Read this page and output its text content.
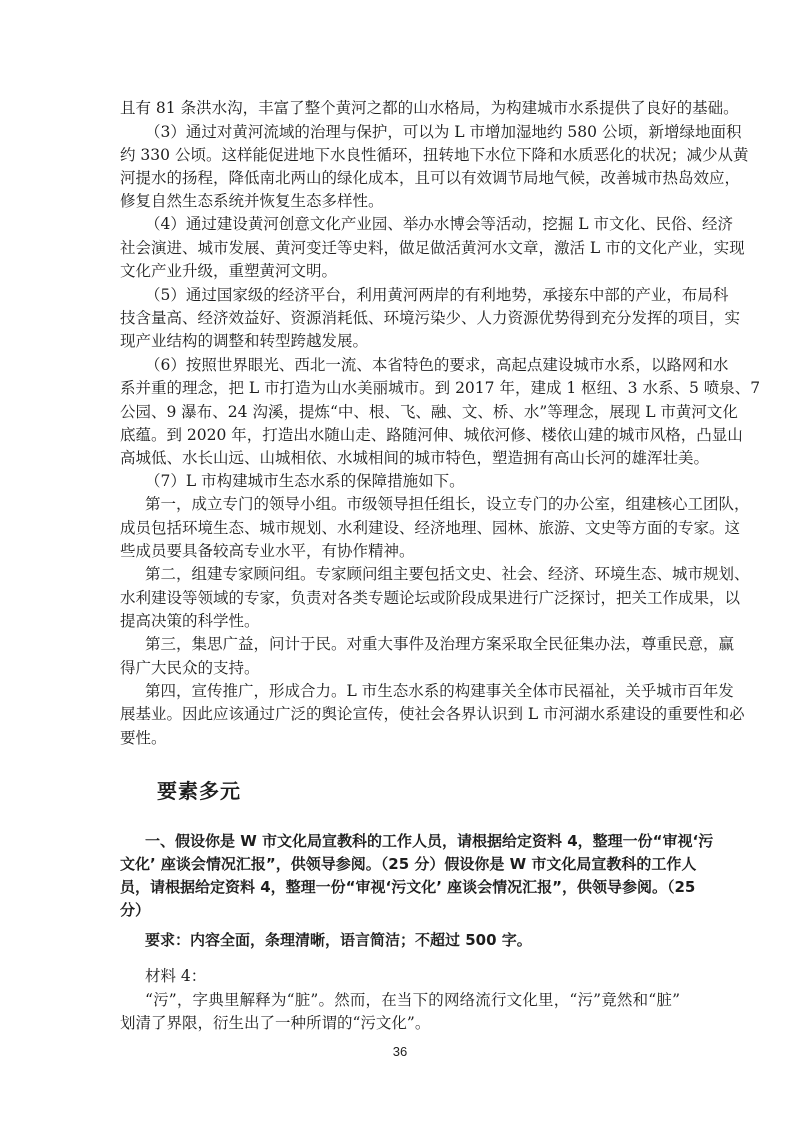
且有 81 条洪水沟，丰富了整个黄河之都的山水格局，为构建城市水系提供了良好的基础。
（3）通过对黄河流域的治理与保护，可以为 L 市增加湿地约 580 公顷，新增绿地面积
约 330 公顷。这样能促进地下水良性循环，扭转地下水位下降和水质恶化的状况；减少从黄
河提水的扬程，降低南北两山的绿化成本，且可以有效调节局地气候，改善城市热岛效应，
修复自然生态系统并恢复生态多样性。
（4）通过建设黄河创意文化产业园、举办水博会等活动，挖掘 L 市文化、民俗、经济
社会演进、城市发展、黄河变迁等史料，做足做活黄河水文章，激活 L 市的文化产业，实现
文化产业升级，重塑黄河文明。
（5）通过国家级的经济平台，利用黄河两岸的有利地势，承接东中部的产业，布局科
技含量高、经济效益好、资源消耗低、环境污染少、人力资源优势得到充分发挥的项目，实
现产业结构的调整和转型跨越发展。
（6）按照世界眼光、西北一流、本省特色的要求，高起点建设城市水系，以路网和水
系并重的理念，把 L 市打造为山水美丽城市。到 2017 年，建成 1 枢纽、3 水系、5 喷泉、7
公园、9 瀑布、24 沟溪，提炼“中、根、飞、融、文、桥、水”等理念，展现 L 市黄河文化
底蕴。到 2020 年，打造出水随山走、路随河伸、城依河修、楼依山建的城市风格，凸显山
高城低、水长山远、山城相依、水城相间的城市特色，塑造拥有高山长河的雄浑壮美。
（7）L 市构建城市生态水系的保障措施如下。
第一，成立专门的领导小组。市级领导担任组长，设立专门的办公室，组建核心工团队，
成员包括环境生态、城市规划、水利建设、经济地理、园林、旅游、文史等方面的专家。这
些成员要具备较高专业水平，有协作精神。
第二，组建专家顾问组。专家顾问组主要包括文史、社会、经济、环境生态、城市规划、
水利建设等领域的专家，负责对各类专题论坛或阶段成果进行广泛探讨，把关工作成果，以
提高决策的科学性。
第三，集思广益，问计于民。对重大事件及治理方案采取全民征集办法，尊重民意，赢
得广大民众的支持。
第四，宣传推广，形成合力。L 市生态水系的构建事关全体市民福祉，关乎城市百年发
展基业。因此应该通过广泛的舆论宣传，使社会各界认识到 L 市河湖水系建设的重要性和必
要性。
要素多元
一、假设你是 W 市文化局宣教科的工作人员，请根据给定资料 4，整理一份“审视‘污
文化’ 座谈会情况汇报”，供领导参阅。（25 分）假设你是 W 市文化局宣教科的工作人
员，请根据给定资料 4，整理一份“审视‘污文化’ 座谈会情况汇报”，供领导参阅。（25
分）
要求：内容全面，条理清晰，语言简洁；不超过 500 字。
材料 4：
“污”，字典里解释为“脏”。然而，在当下的网络流行文化里，“污”竟然和“脏”
划清了界限，衍生出了一种所谓的“污文化”。
36
